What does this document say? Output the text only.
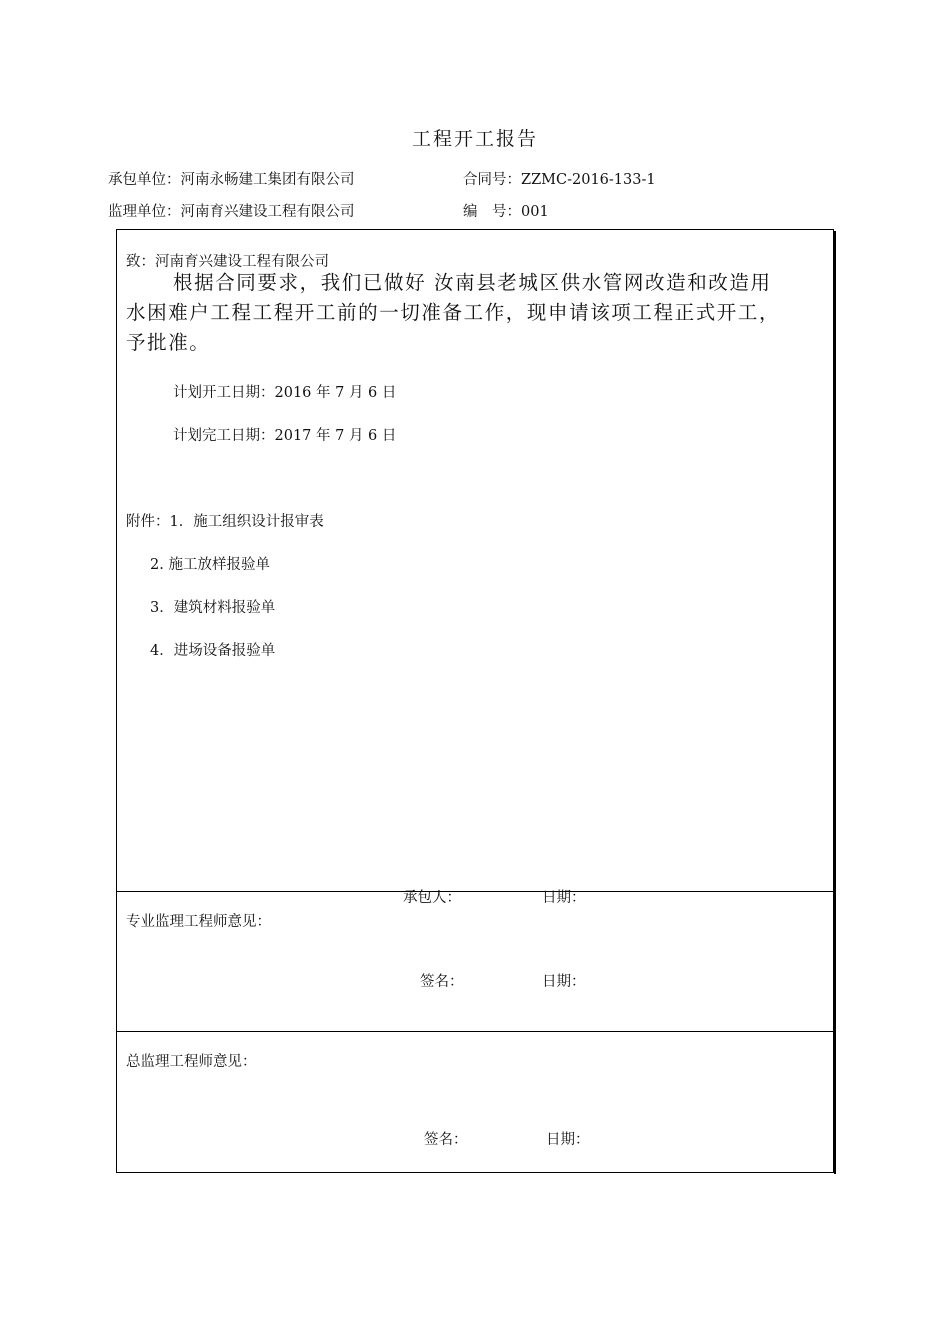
工程开工报告
承包单位：河南永畅建工集团有限公司	合同号：ZZMC-2016-133-1
监理单位：河南育兴建设工程有限公司	编　号：001
致：河南育兴建设工程有限公司
根据合同要求，我们已做好 汝南县老城区供水管网改造和改造用
水困难户工程工程开工前的一切准备工作，现申请该项工程正式开工，
予批准。
计划开工日期：2016 年 7 月 6 日
计划完工日期：2017 年 7 月 6 日
附件：1．施工组织设计报审表
2. 施工放样报验单
3．建筑材料报验单
4．进场设备报验单
承包人：	日期：
专业监理工程师意见：
签名：	日期：
总监理工程师意见：
签名：	日期：
